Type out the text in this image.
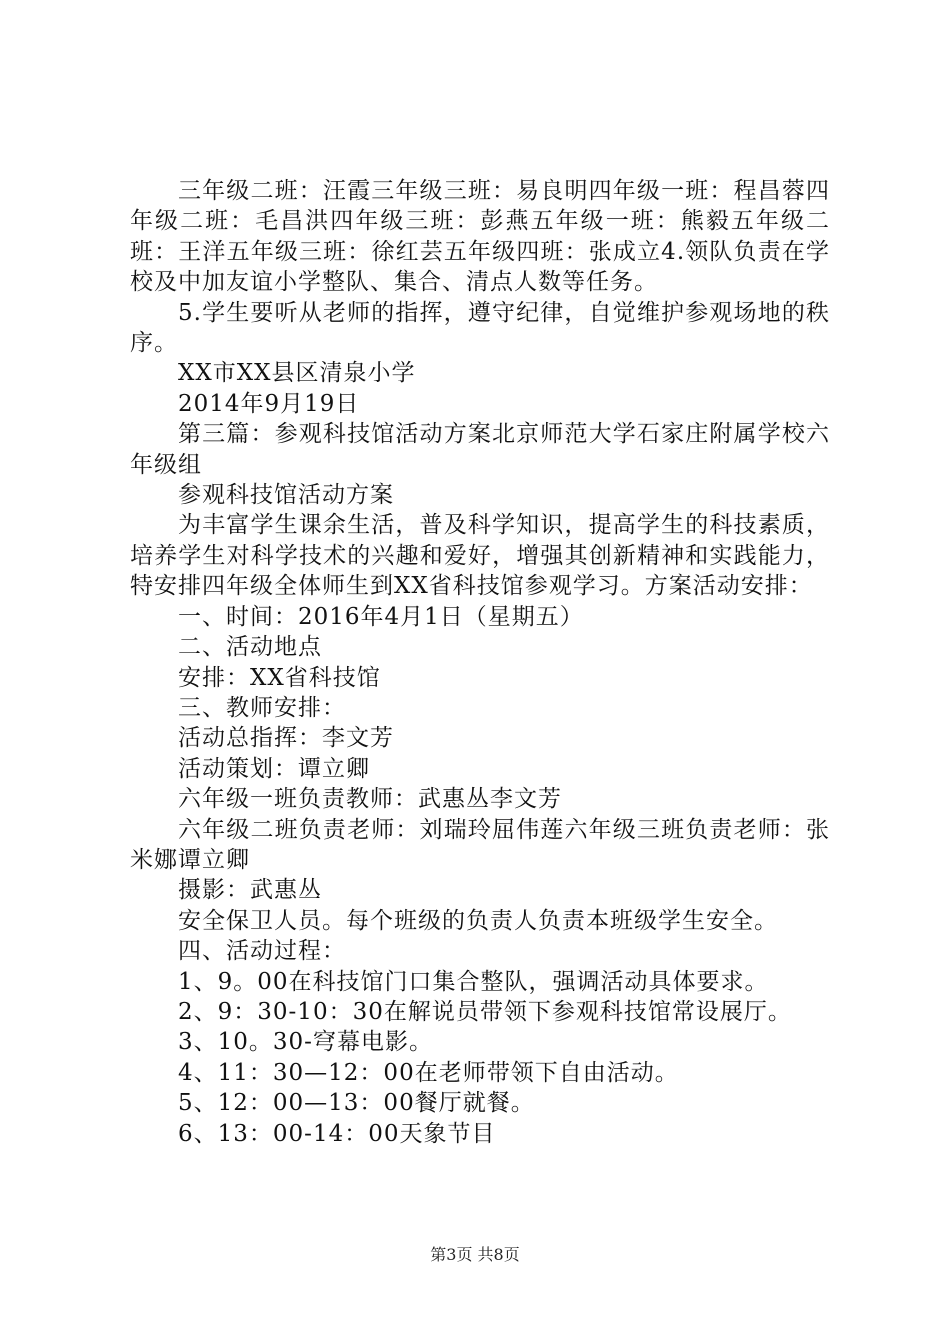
三年级二班：汪霞三年级三班：易良明四年级一班：程昌蓉四年级二班：毛昌洪四年级三班：彭燕五年级一班：熊毅五年级二班：王洋五年级三班：徐红芸五年级四班：张成立4.领队负责在学校及中加友谊小学整队、集合、清点人数等任务。

5.学生要听从老师的指挥，遵守纪律，自觉维护参观场地的秩序。

XX市XX县区清泉小学

2014年9月19日

第三篇：参观科技馆活动方案北京师范大学石家庄附属学校六年级组

参观科技馆活动方案

为丰富学生课余生活，普及科学知识，提高学生的科技素质，培养学生对科学技术的兴趣和爱好，增强其创新精神和实践能力，特安排四年级全体师生到XX省科技馆参观学习。方案活动安排：

一、时间：2016年4月1日（星期五）

二、活动地点

安排：XX省科技馆

三、教师安排：

活动总指挥：李文芳

活动策划：谭立卿

六年级一班负责教师：武惠丛李文芳

六年级二班负责老师：刘瑞玲屈伟莲六年级三班负责老师：张米娜谭立卿

摄影：武惠丛

安全保卫人员。每个班级的负责人负责本班级学生安全。

四、活动过程：

1、9。00在科技馆门口集合整队，强调活动具体要求。

2、9：30-10：30在解说员带领下参观科技馆常设展厅。

3、10。30-穹幕电影。

4、11：30—12：00在老师带领下自由活动。

5、12：00—13：00餐厅就餐。

6、13：00-14：00天象节目

第3页 共8页
